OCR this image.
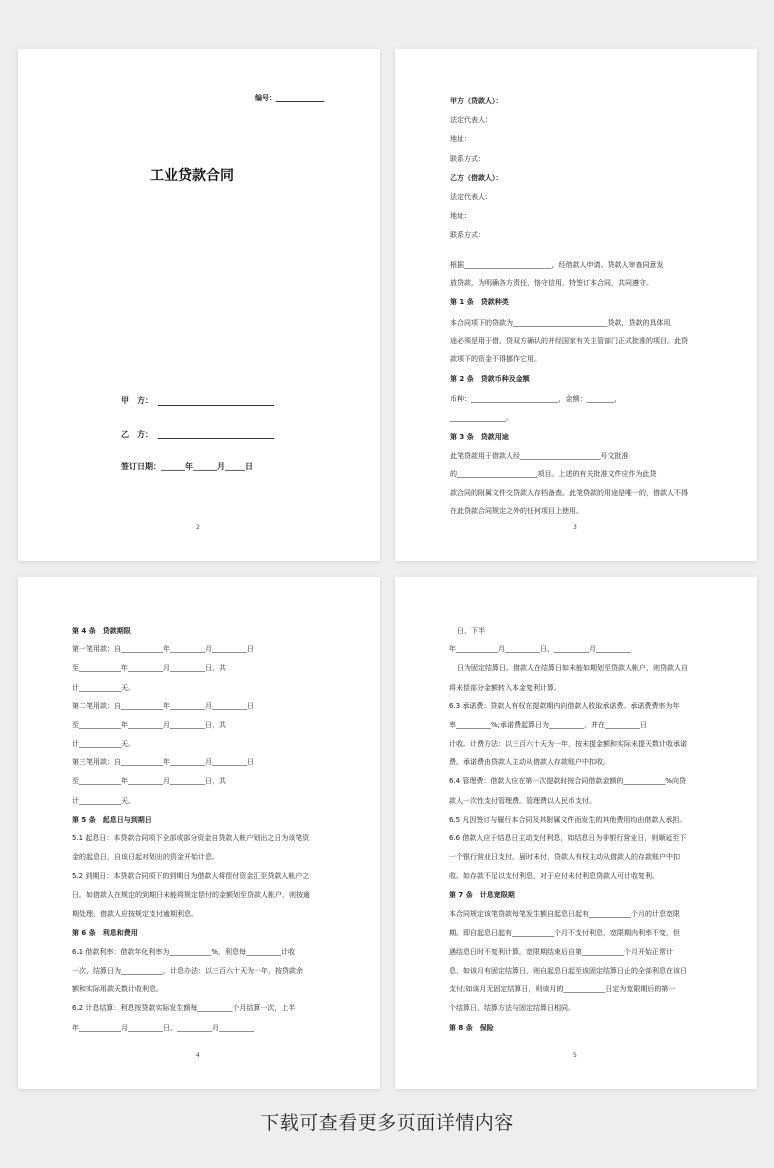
编号：
工业贷款合同
甲　方：
乙　方：
签订日期：______年______月_____日
2
甲方（贷款人）：
法定代表人：
地址：
联系方式：
乙方（借款人）：
法定代表人：
地址：
联系方式：
根据_________________________，经借款人申请、贷款人审查同意发
放贷款，为明确各方责任，恪守信用，特签订本合同，共同遵守。
第 1 条　贷款种类
本合同项下的贷款为___________________________贷款，贷款的具体用
途必须是用于借、贷双方确认的并经国家有关主管部门正式批准的项目。此贷
款项下的资金不得挪作它用。
第 2 条　贷款币种及金额
币种：_________________________，金额：________，
________________。
第 3 条　贷款用途
此笔贷款用于借款人经_______________________号文批准
的_______________________项目。上述的有关批准文件应作为此贷
款合同的附属文件交贷款人存档备查。此笔贷款的用途是唯一的，借款人不得
在此贷款合同规定之外的任何项目上使用。
3
第 4 条　贷款期限
第一笔用款：自____________年__________月__________日
至____________年__________月__________日，共
计____________天。
第二笔用款：自____________年__________月__________日
至____________年__________月__________日，共
计____________天。
第三笔用款：自____________年__________月__________日
至____________年__________月__________日，共
计____________天。
第 5 条　起息日与到期日
5.1 起息日：本贷款合同项下全部或部分资金自贷款人帐户划出之日为该笔资
金的起息日，自该日起对划出的资金开始计息。
5.2 到期日：本贷款合同项下的到期日为借款人将偿付资金汇至贷款人帐户之
日。如借款人在规定的到期日未能将规定偿付的金额划至贷款人帐户，则按逾
期处理，借款人应按规定支付逾期利息。
第 6 条　利息和费用
6.1 借款利率：借款年化利率为____________%，利息每__________计收
一次，结算日为____________。计息办法：以三百六十天为一年，按贷款余
额和实际用款天数计收利息。
6.2 计息结算：利息按贷款实际发生额每__________个月结算一次，上半
年____________月__________日、__________月__________
4
日，下半
年____________月__________日、__________月__________
日为固定结算日。借款人在结算日如未能如期划至贷款人帐户，则贷款人自
将未偿部分金额转入本金复利计算。
6.3 承诺费：贷款人有权在提款期内向借款人收取承诺费。承诺费费率为年
率__________%;承诺费起算日为__________，并在__________日
计收。计费方法：以三百六十天为一年，按未提金额和实际未提天数计收承诺
费。承诺费由贷款人主动从借款人存款账户中扣收。
6.4 管理费：借款人应在第一次提款时按合同借款金额的____________%向贷
款人一次性支付管理费。管理费以人民币支付。
6.5 凡因签订与履行本合同及其附属文件而发生的其他费用均由借款人承担。
6.6 借款人应于结息日主动支付利息，如结息日为非银行营业日，则顺延至下
一个银行营业日支付。届时未付，贷款人有权主动从借款人的存款账户中扣
收。如存款不足以支付利息，对于应付未付利息贷款人可计收复利。
第 7 条　计息宽限期
本合同规定该笔贷款每笔发生额自起息日起有____________个月的计息宽限
期。即自起息日起有____________个月不支付利息，宽限期内利率不变，但
遇结息日时不复利计算。宽限期结束后自第____________个月开始正常计
息，如该月有固定结算日，则自起息日起至该固定结算日止的全部利息在该日
支付;如该月无固定结算日，则该月的____________日定为宽限期后的第一
个结算日，结算方法与固定结算日相同。
第 8 条　保险
5
下载可查看更多页面详情内容
